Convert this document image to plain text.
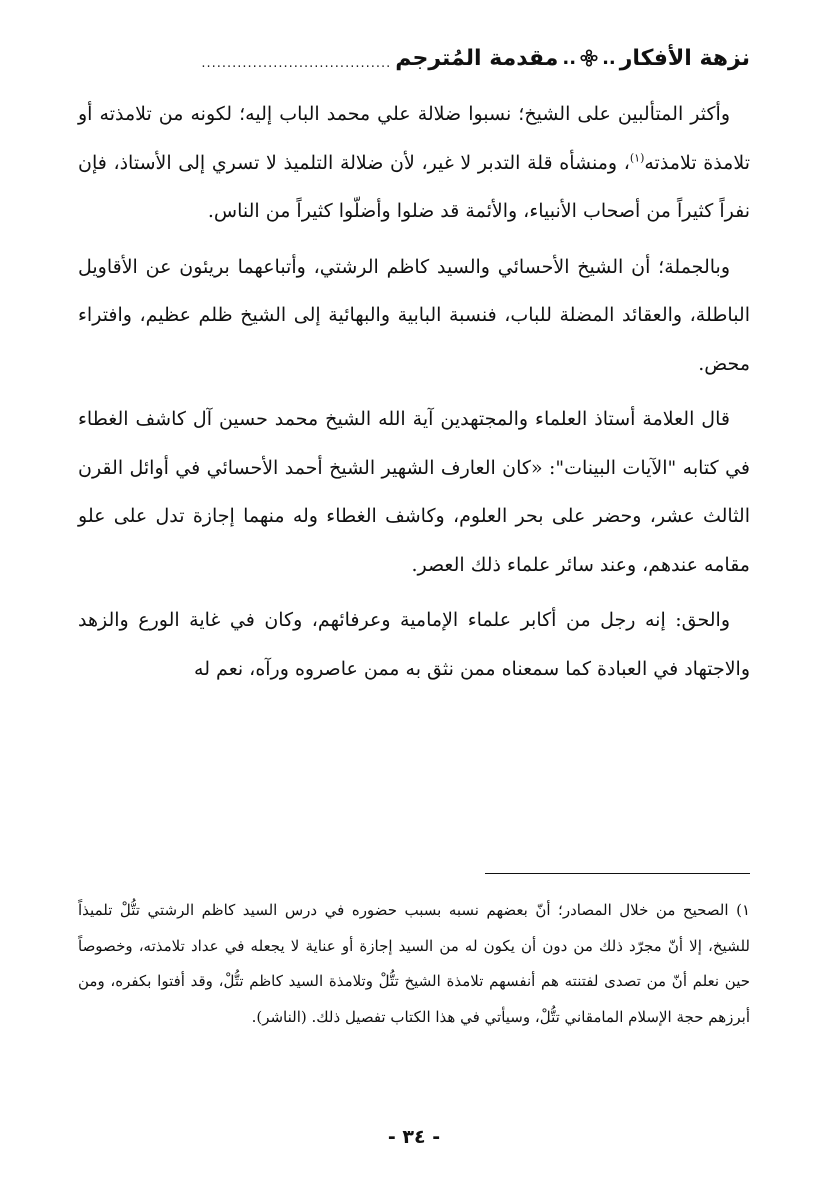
نزهة الأفكار
..
..
مقدمة المُترجم
.....................................

وأكثر المتألبين على الشيخ؛ نسبوا ضلالة علي محمد الباب إليه؛ لكونه من تلامذته أو تلامذة تلامذته$^{(١)}$، ومنشأه قلة التدبر لا غير، لأن ضلالة التلميذ لا تسري إلى الأستاذ، فإن نفراً كثيراً من أصحاب الأنبياء، والأئمة قد ضلوا وأضلّوا كثيراً من الناس.

وبالجملة؛ أن الشيخ الأحسائي والسيد كاظم الرشتي، وأتباعهما بريئون عن الأقاويل الباطلة، والعقائد المضلة للباب، فنسبة البابية والبهائية إلى الشيخ ظلم عظيم، وافتراء محض.

قال العلامة أستاذ العلماء والمجتهدين آية الله الشيخ محمد حسين آل كاشف الغطاء في كتابه "الآيات البينات": «كان العارف الشهير الشيخ أحمد الأحسائي في أوائل القرن الثالث عشر، وحضر على بحر العلوم، وكاشف الغطاء وله منهما إجازة تدل على علو مقامه عندهم، وعند سائر علماء ذلك العصر.

والحق: إنه رجل من أكابر علماء الإمامية وعرفائهم، وكان في غاية الورع والزهد والاجتهاد في العبادة كما سمعناه ممن نثق به ممن عاصروه ورآه، نعم له

١) الصحيح من خلال المصادر؛ أنّ بعضهم نسبه بسبب حضوره في درس السيد كاظم الرشتي تتُّلْ تلميذاً للشيخ، إلا أنّ مجرّد ذلك من دون أن يكون له من السيد إجازة أو عناية لا يجعله في عداد تلامذته، وخصوصاً حين نعلم أنّ من تصدى لفتنته هم أنفسهم تلامذة الشيخ تتُّلْ وتلامذة السيد كاظم تتُّلْ، وقد أفتوا بكفره، ومن أبرزهم حجة الإسلام المامقاني تتُّلْ، وسيأتي في هذا الكتاب تفصيل ذلك. (الناشر).

- ٣٤ -
